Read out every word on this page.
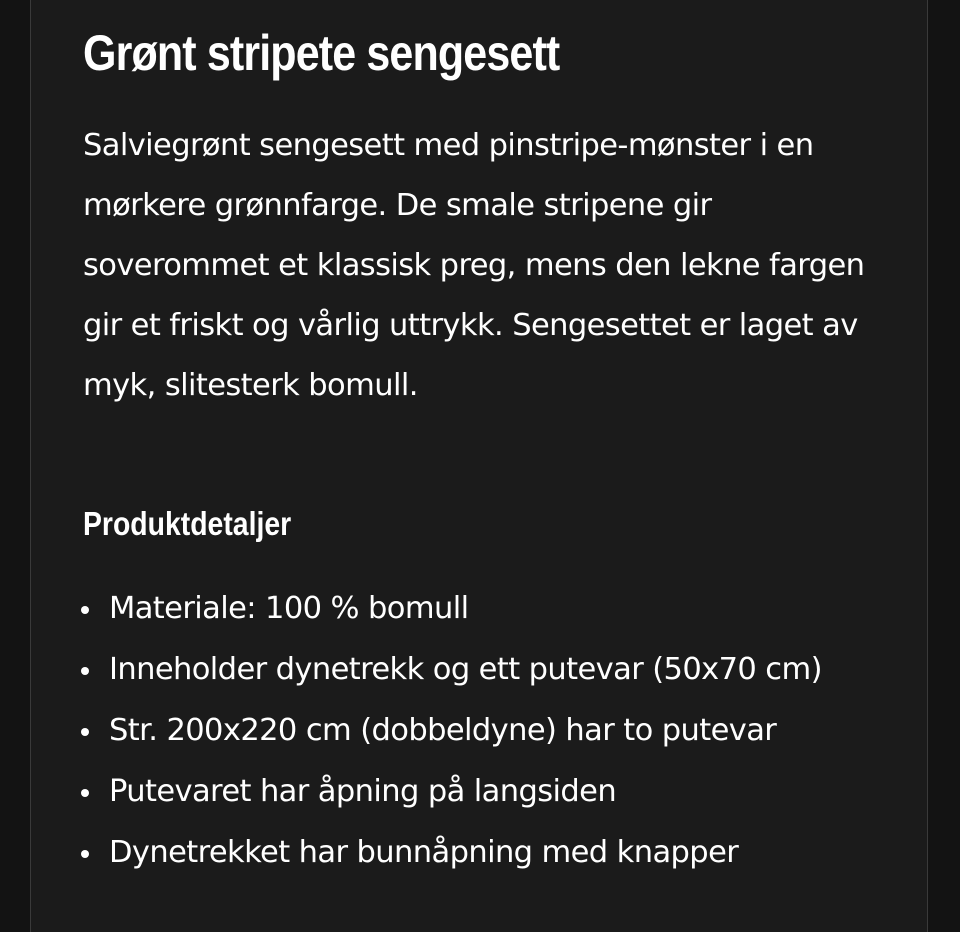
Grønt stripete sengesett

Salviegrønt sengesett med pinstripe-mønster i en mørkere grønnfarge. De smale stripene gir soverommet et klassisk preg, mens den lekne fargen gir et friskt og vårlig uttrykk. Sengesettet er laget av myk, slitesterk bomull.

Produktdetaljer
Materiale: 100 % bomull
Inneholder dynetrekk og ett putevar (50x70 cm)
Str. 200x220 cm (dobbeldyne) har to putevar
Putevaret har åpning på langsiden
Dynetrekket har bunnåpning med knapper
